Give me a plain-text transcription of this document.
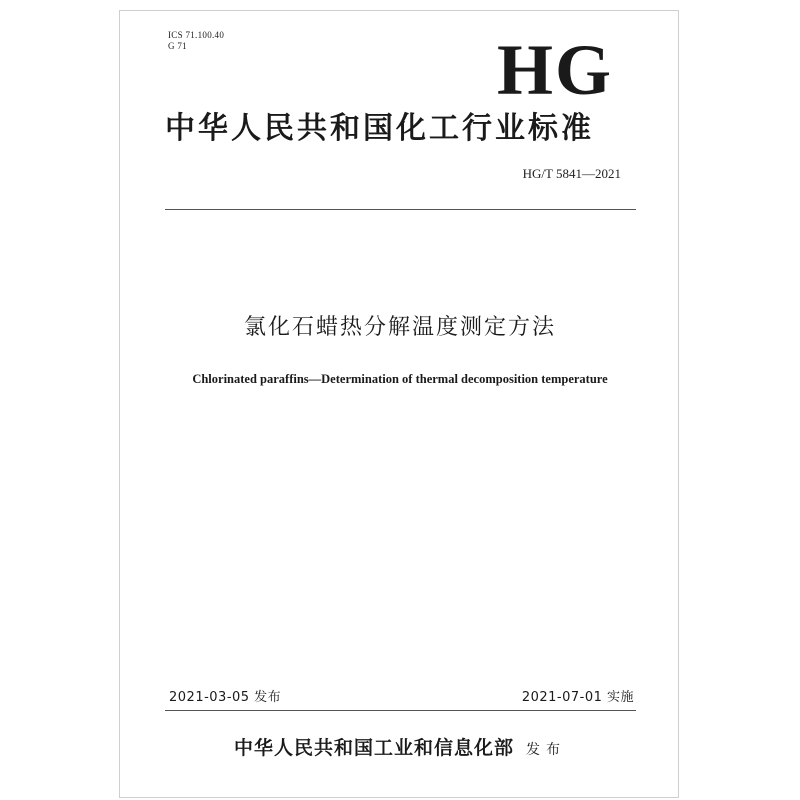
ICS 71.100.40
G 71	HG
中华人民共和国化工行业标准
HG/T 5841—2021
氯化石蜡热分解温度测定方法
Chlorinated paraffins—Determination of thermal decomposition temperature
2021-03-05 发布	2021-07-01 实施
中华人民共和国工业和信息化部 发布
